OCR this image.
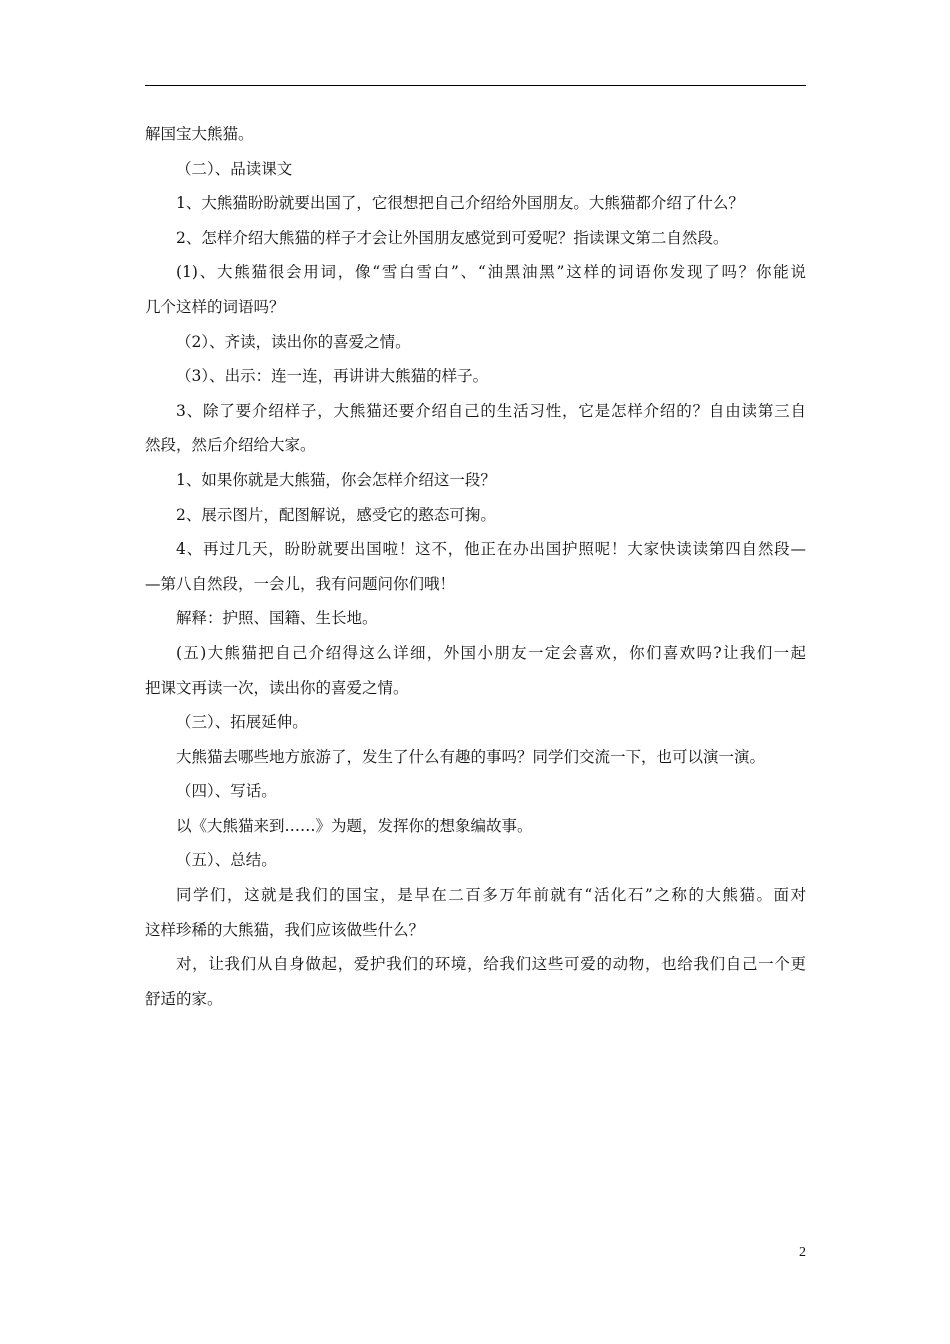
解国宝大熊猫。
（二）、品读课文
1、大熊猫盼盼就要出国了，它很想把自己介绍给外国朋友。大熊猫都介绍了什么？
2、怎样介绍大熊猫的样子才会让外国朋友感觉到可爱呢？指读课文第二自然段。
(1)、大熊猫很会用词，像“雪白雪白”、“油黑油黑”这样的词语你发现了吗？你能说
几个这样的词语吗？
（2）、齐读，读出你的喜爱之情。
（3）、出示：连一连，再讲讲大熊猫的样子。
3、除了要介绍样子，大熊猫还要介绍自己的生活习性，它是怎样介绍的？自由读第三自
然段，然后介绍给大家。
1、如果你就是大熊猫，你会怎样介绍这一段？
2、展示图片，配图解说，感受它的憨态可掬。
4、再过几天，盼盼就要出国啦！这不，他正在办出国护照呢！大家快读读第四自然段—
—第八自然段，一会儿，我有问题问你们哦！
解释：护照、国籍、生长地。
(五)大熊猫把自己介绍得这么详细，外国小朋友一定会喜欢，你们喜欢吗?让我们一起
把课文再读一次，读出你的喜爱之情。
（三）、拓展延伸。
大熊猫去哪些地方旅游了，发生了什么有趣的事吗？同学们交流一下，也可以演一演。
（四）、写话。
以《大熊猫来到……》为题，发挥你的想象编故事。
（五）、总结。
同学们，这就是我们的国宝，是早在二百多万年前就有“活化石”之称的大熊猫。面对
这样珍稀的大熊猫，我们应该做些什么？
对，让我们从自身做起，爱护我们的环境，给我们这些可爱的动物，也给我们自己一个更
舒适的家。
2
